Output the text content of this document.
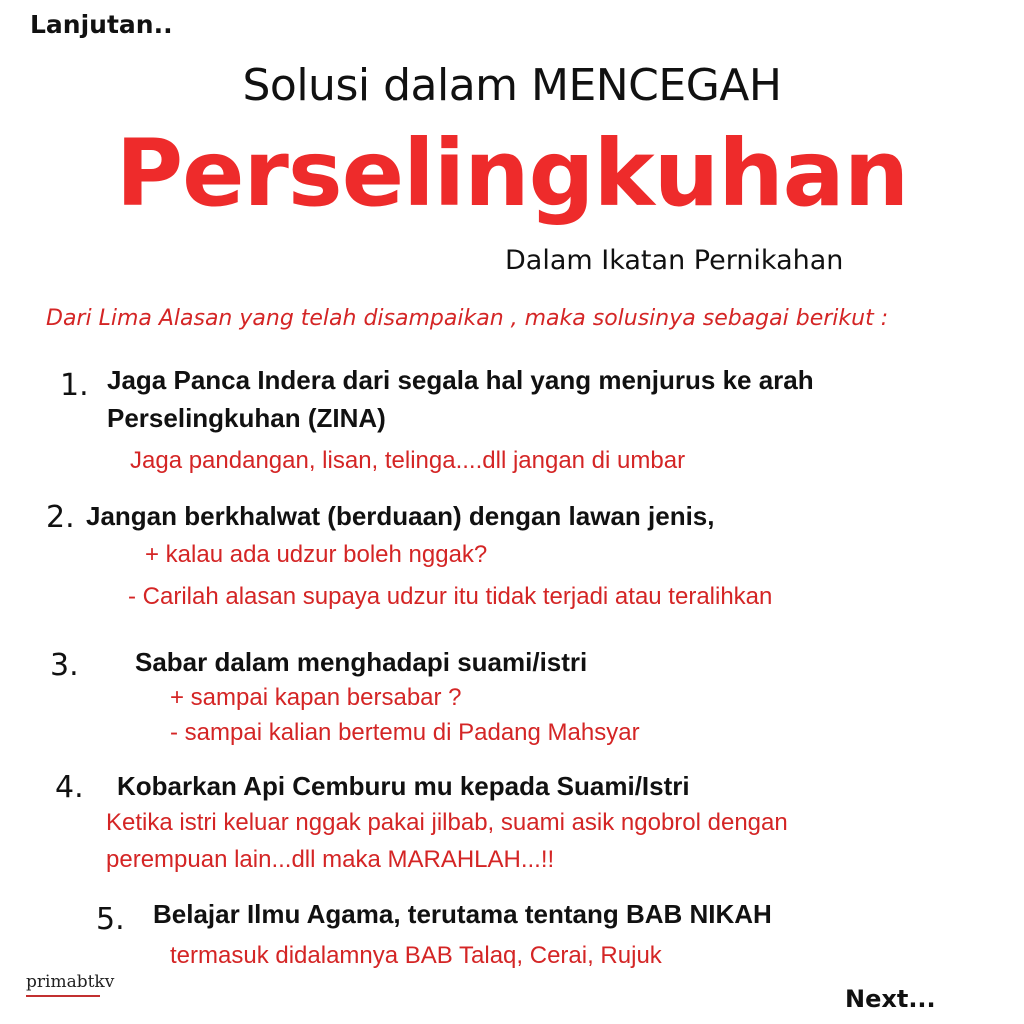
Lanjutan..
Solusi dalam MENCEGAH
Perselingkuhan
Dalam Ikatan Pernikahan
Dari Lima Alasan yang telah disampaikan , maka solusinya sebagai berikut :
1. Jaga Panca Indera dari segala hal yang menjurus ke arah
Perselingkuhan (ZINA)
Jaga pandangan, lisan, telinga....dll jangan di umbar
2. Jangan berkhalwat (berduaan) dengan lawan jenis,
+ kalau ada udzur boleh nggak?
- Carilah alasan supaya udzur itu tidak terjadi atau teralihkan
3. Sabar dalam menghadapi suami/istri
+ sampai kapan bersabar ?
- sampai kalian bertemu di Padang Mahsyar
4. Kobarkan Api Cemburu mu kepada Suami/Istri
Ketika istri keluar nggak pakai jilbab, suami asik ngobrol dengan
perempuan lain...dll maka MARAHLAH...!!
5. Belajar Ilmu Agama, terutama tentang BAB NIKAH
termasuk didalamnya BAB Talaq, Cerai, Rujuk
primabtkv
Next...
